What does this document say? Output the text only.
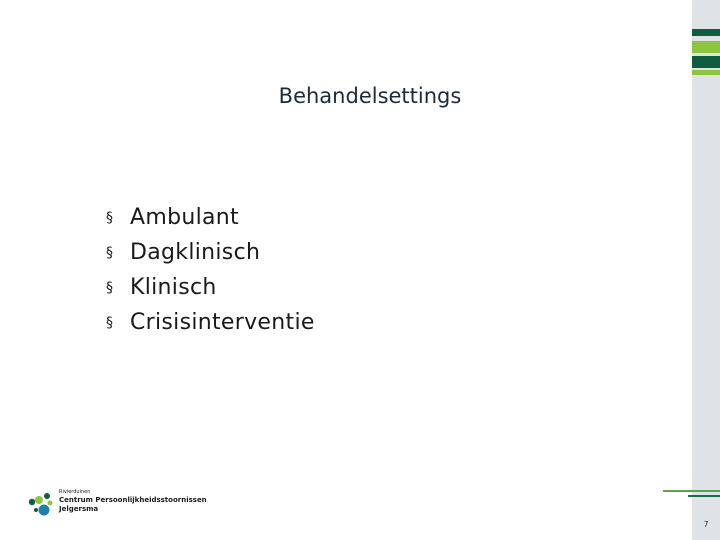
Behandelsettings
§ Ambulant
§ Dagklinisch
§ Klinisch
§ Crisisinterventie
Rivierduinen
Centrum Persoonlijkheidsstoornissen
Jelgersma
7
